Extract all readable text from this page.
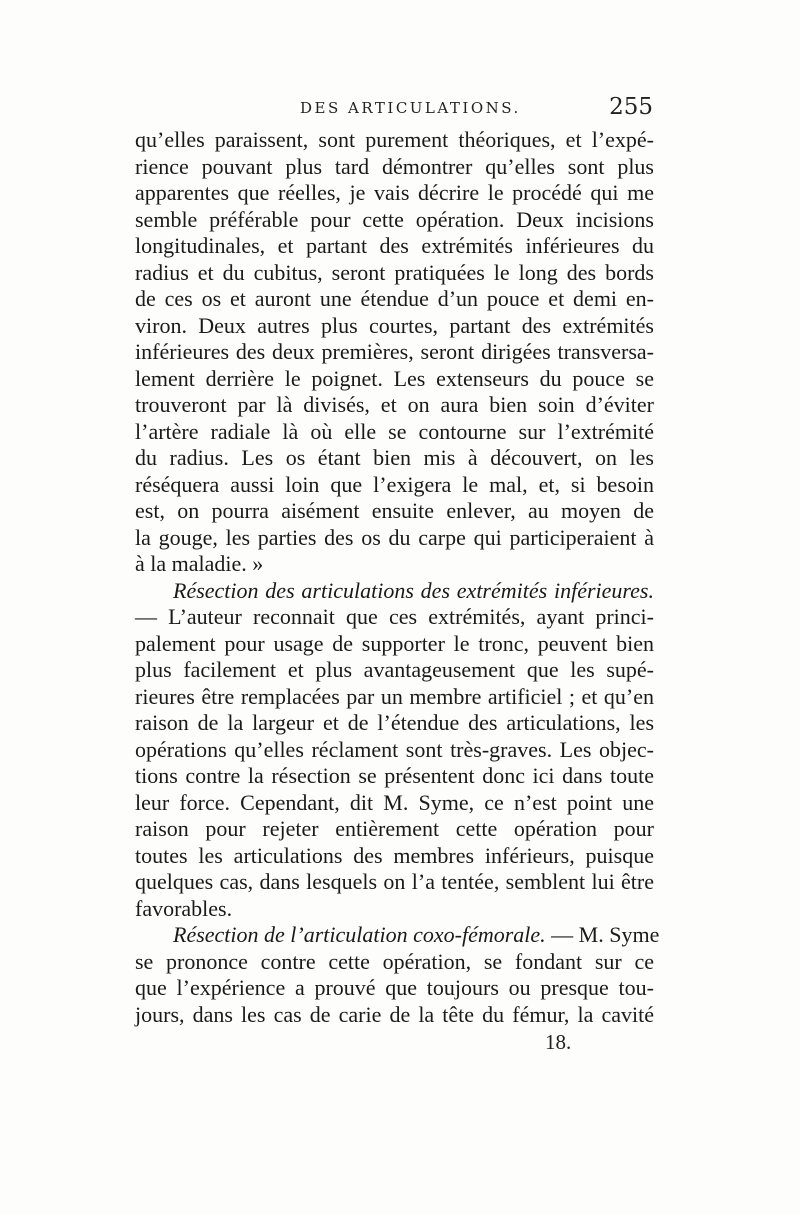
DES ARTICULATIONS.	255
qu’elles paraissent, sont purement théoriques, et l’expé-
rience pouvant plus tard démontrer qu’elles sont plus
apparentes que réelles, je vais décrire le procédé qui me
semble préférable pour cette opération. Deux incisions
longitudinales, et partant des extrémités inférieures du
radius et du cubitus, seront pratiquées le long des bords
de ces os et auront une étendue d’un pouce et demi en-
viron. Deux autres plus courtes, partant des extrémités
inférieures des deux premières, seront dirigées transversa-
lement derrière le poignet. Les extenseurs du pouce se
trouveront par là divisés, et on aura bien soin d’éviter
l’artère radiale là où elle se contourne sur l’extrémité
du radius. Les os étant bien mis à découvert, on les
réséquera aussi loin que l’exigera le mal, et, si besoin
est, on pourra aisément ensuite enlever, au moyen de
la gouge, les parties des os du carpe qui participeraient à
à la maladie. »
Résection des articulations des extrémités inférieures.
— L’auteur reconnait que ces extrémités, ayant princi-
palement pour usage de supporter le tronc, peuvent bien
plus facilement et plus avantageusement que les supé-
rieures être remplacées par un membre artificiel ; et qu’en
raison de la largeur et de l’étendue des articulations, les
opérations qu’elles réclament sont très-graves. Les objec-
tions contre la résection se présentent donc ici dans toute
leur force. Cependant, dit M. Syme, ce n’est point une
raison pour rejeter entièrement cette opération pour
toutes les articulations des membres inférieurs, puisque
quelques cas, dans lesquels on l’a tentée, semblent lui être
favorables.
Résection de l’articulation coxo-fémorale. — M. Syme
se prononce contre cette opération, se fondant sur ce
que l’expérience a prouvé que toujours ou presque tou-
jours, dans les cas de carie de la tête du fémur, la cavité
18.
